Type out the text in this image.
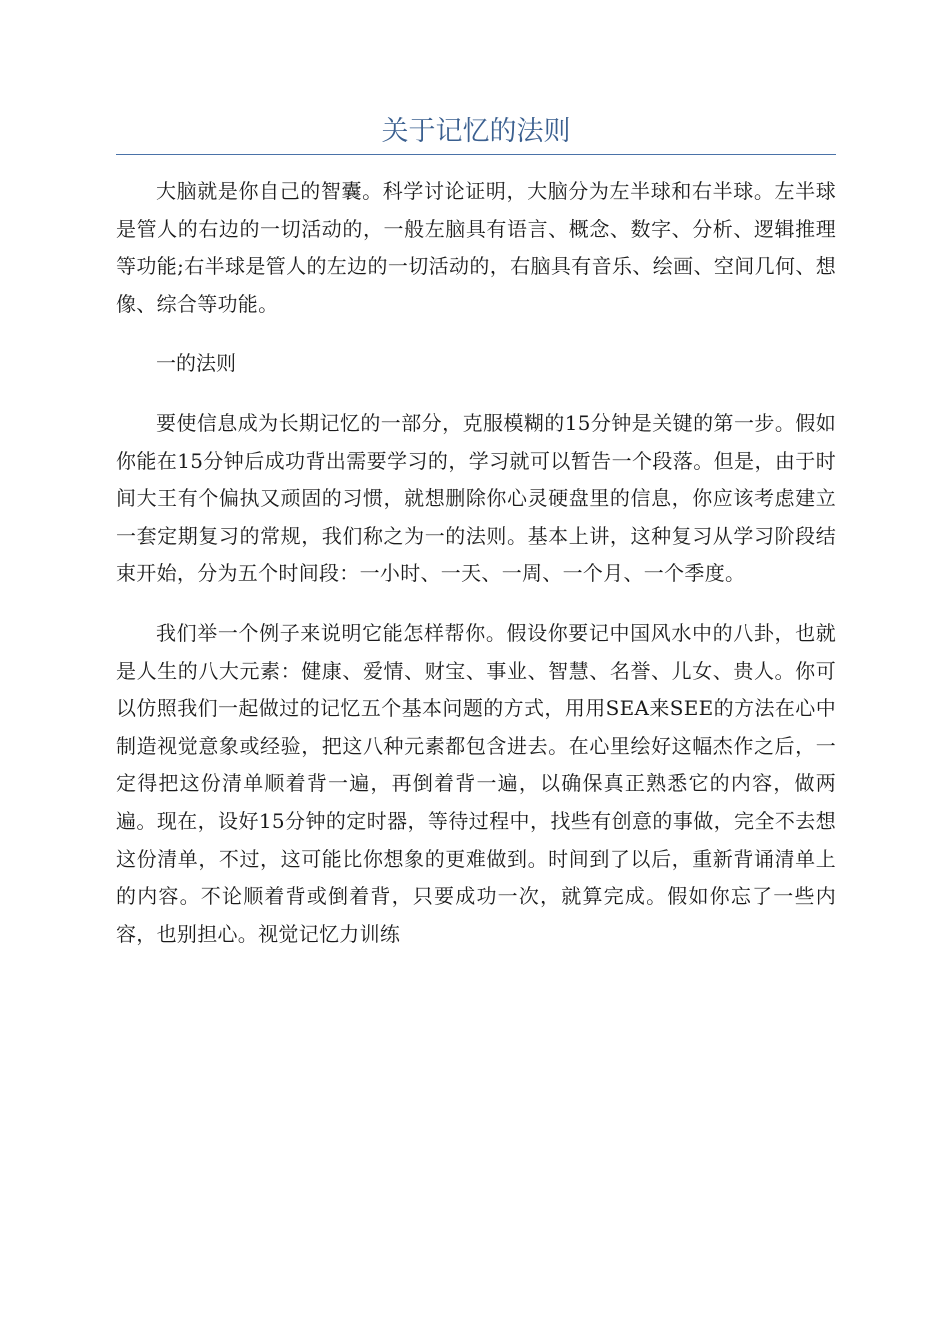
关于记忆的法则

大脑就是你自己的智囊。科学讨论证明，大脑分为左半球和右半球。左半球是管人的右边的一切活动的，一般左脑具有语言、概念、数字、分析、逻辑推理等功能;右半球是管人的左边的一切活动的，右脑具有音乐、绘画、空间几何、想像、综合等功能。

一的法则

要使信息成为长期记忆的一部分，克服模糊的15分钟是关键的第一步。假如你能在15分钟后成功背出需要学习的，学习就可以暂告一个段落。但是，由于时间大王有个偏执又顽固的习惯，就想删除你心灵硬盘里的信息，你应该考虑建立一套定期复习的常规，我们称之为一的法则。基本上讲，这种复习从学习阶段结束开始，分为五个时间段：一小时、一天、一周、一个月、一个季度。

我们举一个例子来说明它能怎样帮你。假设你要记中国风水中的八卦，也就是人生的八大元素：健康、爱情、财宝、事业、智慧、名誉、儿女、贵人。你可以仿照我们一起做过的记忆五个基本问题的方式，用用SEA来SEE的方法在心中制造视觉意象或经验，把这八种元素都包含进去。在心里绘好这幅杰作之后，一定得把这份清单顺着背一遍，再倒着背一遍，以确保真正熟悉它的内容，做两遍。现在，设好15分钟的定时器，等待过程中，找些有创意的事做，完全不去想这份清单，不过，这可能比你想象的更难做到。时间到了以后，重新背诵清单上的内容。不论顺着背或倒着背，只要成功一次，就算完成。假如你忘了一些内容，也别担心。视觉记忆力训练
